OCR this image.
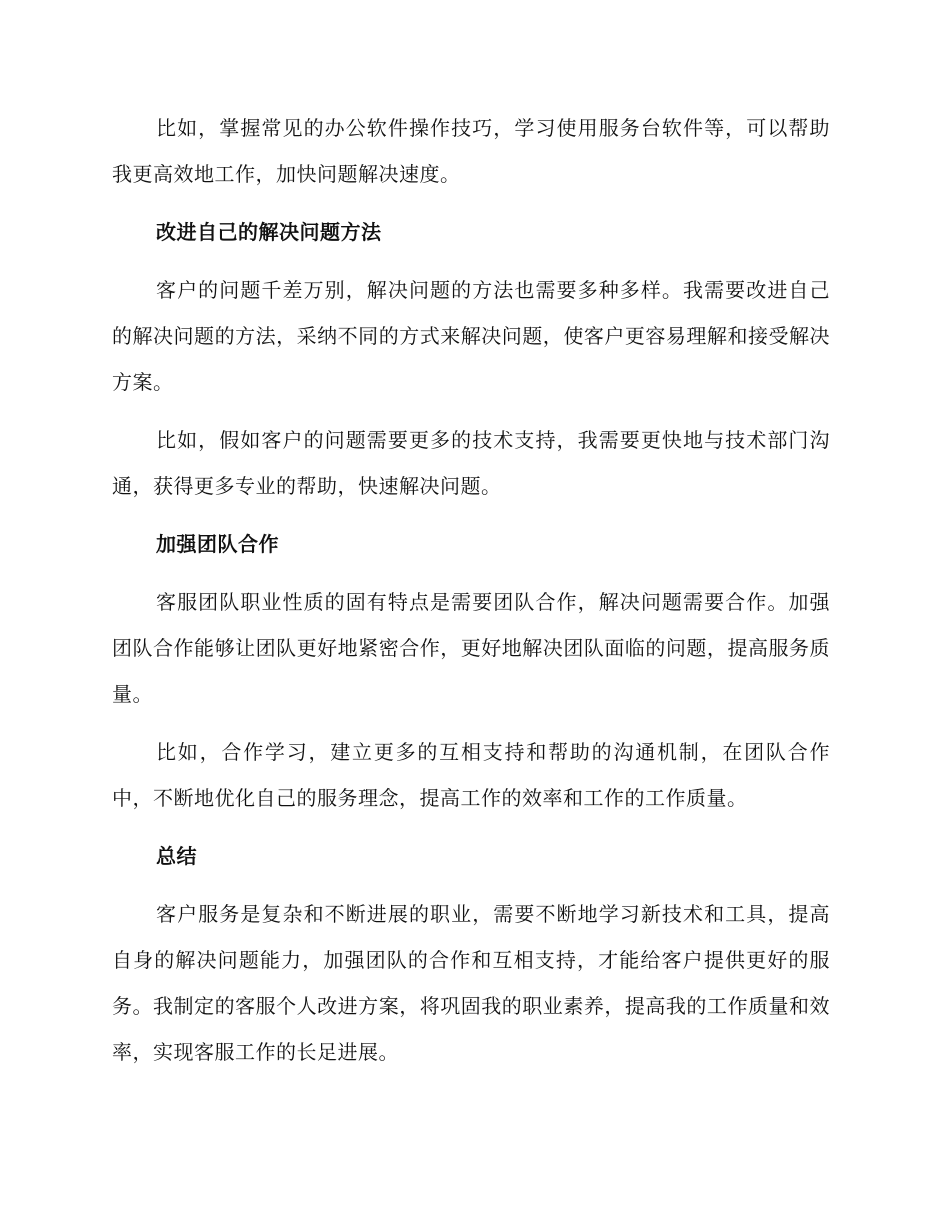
比如，掌握常见的办公软件操作技巧，学习使用服务台软件等，可以帮助我更高效地工作，加快问题解决速度。

改进自己的解决问题方法

客户的问题千差万别，解决问题的方法也需要多种多样。我需要改进自己的解决问题的方法，采纳不同的方式来解决问题，使客户更容易理解和接受解决方案。

比如，假如客户的问题需要更多的技术支持，我需要更快地与技术部门沟通，获得更多专业的帮助，快速解决问题。

加强团队合作

客服团队职业性质的固有特点是需要团队合作，解决问题需要合作。加强团队合作能够让团队更好地紧密合作，更好地解决团队面临的问题，提高服务质量。

比如，合作学习，建立更多的互相支持和帮助的沟通机制，在团队合作中，不断地优化自己的服务理念，提高工作的效率和工作的工作质量。

总结

客户服务是复杂和不断进展的职业，需要不断地学习新技术和工具，提高自身的解决问题能力，加强团队的合作和互相支持，才能给客户提供更好的服务。我制定的客服个人改进方案，将巩固我的职业素养，提高我的工作质量和效率，实现客服工作的长足进展。
